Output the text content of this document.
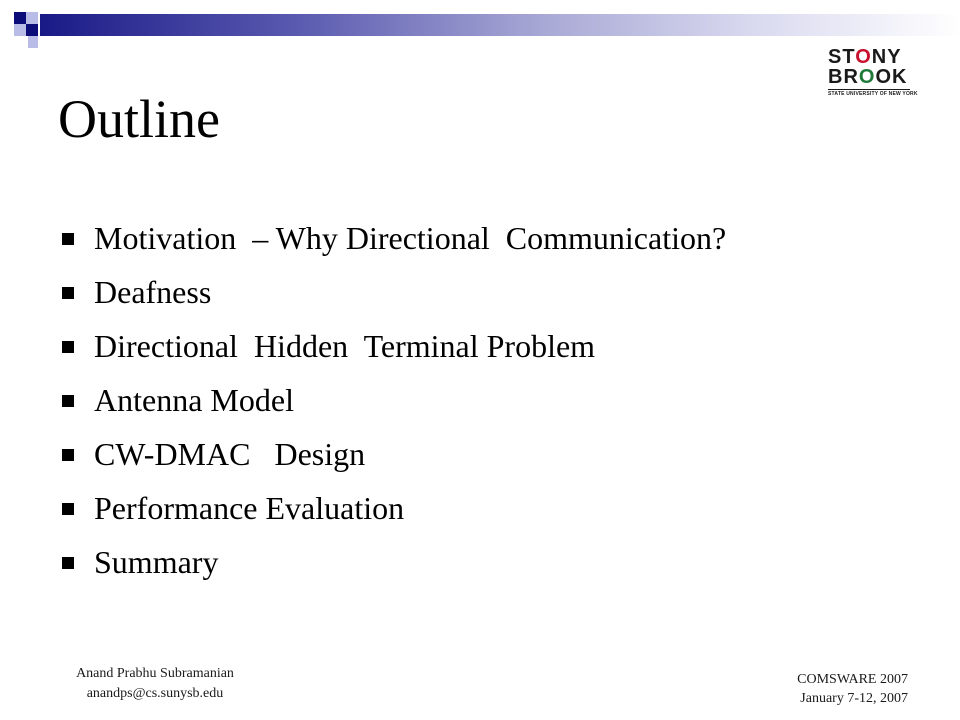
STONY
BROOK
STATE UNIVERSITY OF NEW YORK
Outline
Motivation  – Why Directional  Communication?
Deafness
Directional  Hidden  Terminal Problem
Antenna Model
CW-DMAC   Design
Performance Evaluation
Summary
Anand Prabhu Subramanian
anandps@cs.sunysb.edu
COMSWARE 2007
January 7-12, 2007
